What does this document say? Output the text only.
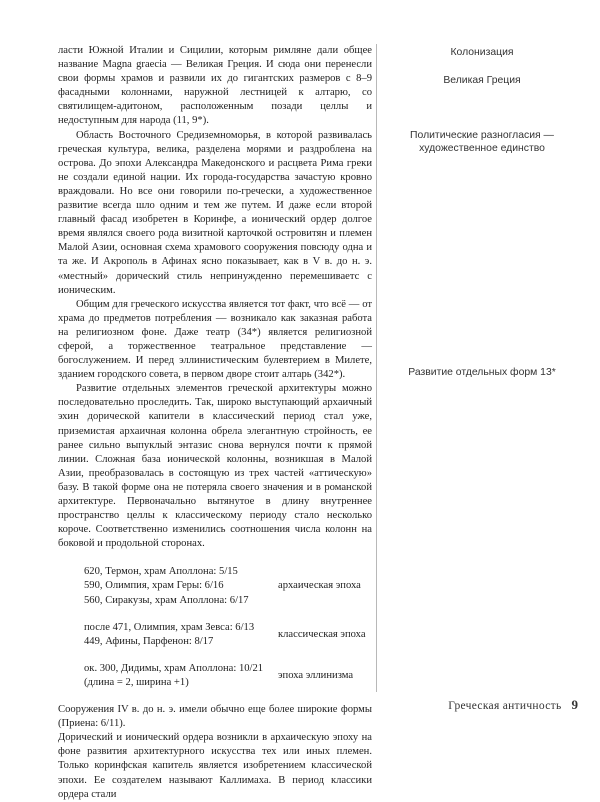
ласти Южной Италии и Сицилии, которым римляне дали общее название Magna graecia — Великая Греция. И сюда они перенесли свои формы храмов и развили их до гигантских размеров с 8–9 фасадными колоннами, наружной лестницей к алтарю, со святилищем-адитоном, расположенным позади целлы и недоступным для народа (11, 9*).

Область Восточного Средиземноморья, в которой развивалась греческая культура, велика, разделена морями и раздроблена на острова. До эпохи Александра Македонского и расцвета Рима греки не создали единой нации. Их города-государства зачастую кровно враждовали. Но все они говорили по-гречески, а художественное развитие всегда шло одним и тем же путем. И даже если второй главный фасад изобретен в Коринфе, а ионический ордер долгое время являлся своего рода визитной карточкой островитян и племен Малой Азии, основная схема храмового сооружения повсюду одна и та же. И Акрополь в Афинах ясно показывает, как в V в. до н. э. «местный» дорический стиль непринужденно перемешиваетс с ионическим.

Общим для греческого искусства является тот факт, что всё — от храма до предметов потребления — возникало как заказная работа на религиозном фоне. Даже театр (34*) является религиозной сферой, а торжественное театральное представление — богослужением. И перед эллинистическим булевтерием в Милете, зданием городского совета, в первом дворе стоит алтарь (342*).

Развитие отдельных элементов греческой архитектуры можно последовательно проследить. Так, широко выступающий архаичный эхин дорической капители в классический период стал уже, приземистая архаичная колонна обрела элегантную стройность, ее ранее сильно выпуклый энтазис снова вернулся почти к прямой линии. Сложная база ионической колонны, возникшая в Малой Азии, преобразовалась в состоящую из трех частей «аттическую» базу. В такой форме она не потеряла своего значения и в романской архитектуре. Первоначально вытянутое в длину внутреннее пространство целлы к классическому периоду стало несколько короче. Соответственно изменились соотношения числа колонн на боковой и продольной сторонах.

620, Термон, храм Аполлона: 5/15
590, Олимпия, храм Геры: 6/16
560, Сиракузы, храм Аполлона: 6/17
архаическая эпоха
после 471, Олимпия, храм Зевса: 6/13
449, Афины, Парфенон: 8/17
классическая эпоха
ок. 300, Дидимы, храм Аполлона: 10/21
(длина = 2, ширина +1)
эпоха эллинизма

Сооружения IV в. до н. э. имели обычно еще более широкие формы (Приена: 6/11).

Дорический и ионический ордера возникли в архаическую эпоху на фоне развития архитектурного искусства тех или иных племен. Только коринфская капитель является изобретением классической эпохи. Ее создателем называют Каллимаха. В период классики ордера стали

Колонизация
Великая Греция
Политические разногласия — художественное единство
Развитие отдельных форм 13*
Греческая античность 9
